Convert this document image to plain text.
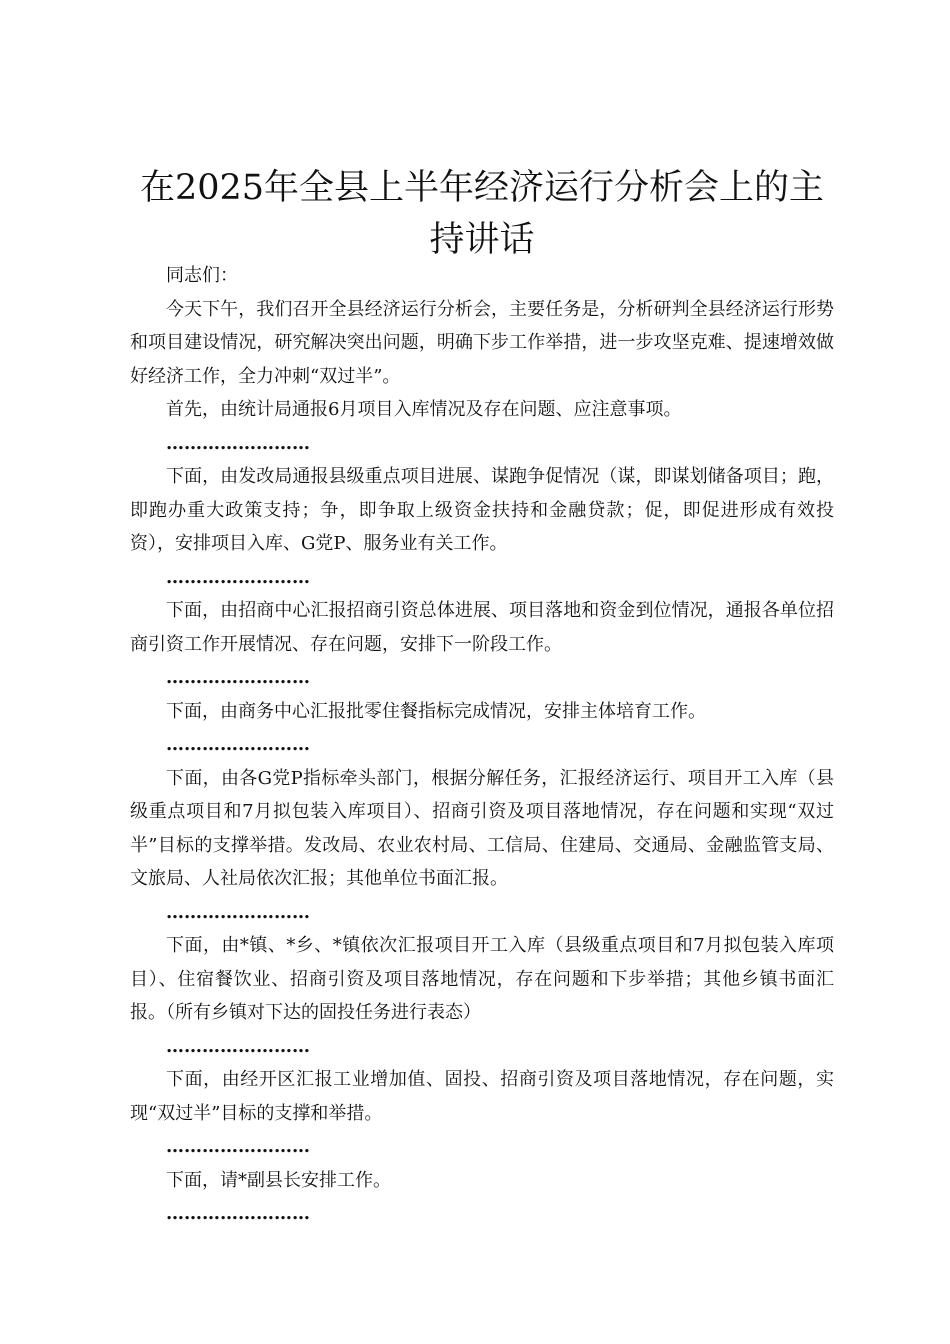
在2025年全县上半年经济运行分析会上的主持讲话

同志们：

今天下午，我们召开全县经济运行分析会，主要任务是，分析研判全县经济运行形势和项目建设情况，研究解决突出问题，明确下步工作举措，进一步攻坚克难、提速增效做好经济工作，全力冲刺“双过半”。

首先，由统计局通报6月项目入库情况及存在问题、应注意事项。

……………………

下面，由发改局通报县级重点项目进展、谋跑争促情况（谋，即谋划储备项目；跑，即跑办重大政策支持；争，即争取上级资金扶持和金融贷款；促，即促进形成有效投资），安排项目入库、G党P、服务业有关工作。

……………………

下面，由招商中心汇报招商引资总体进展、项目落地和资金到位情况，通报各单位招商引资工作开展情况、存在问题，安排下一阶段工作。

……………………

下面，由商务中心汇报批零住餐指标完成情况，安排主体培育工作。

……………………

下面，由各G党P指标牵头部门，根据分解任务，汇报经济运行、项目开工入库（县级重点项目和7月拟包装入库项目）、招商引资及项目落地情况，存在问题和实现“双过半”目标的支撑举措。发改局、农业农村局、工信局、住建局、交通局、金融监管支局、文旅局、人社局依次汇报；其他单位书面汇报。

……………………

下面，由*镇、*乡、*镇依次汇报项目开工入库（县级重点项目和7月拟包装入库项目）、住宿餐饮业、招商引资及项目落地情况，存在问题和下步举措；其他乡镇书面汇报。（所有乡镇对下达的固投任务进行表态）

……………………

下面，由经开区汇报工业增加值、固投、招商引资及项目落地情况，存在问题，实现“双过半”目标的支撑和举措。

……………………

下面，请*副县长安排工作。

……………………
